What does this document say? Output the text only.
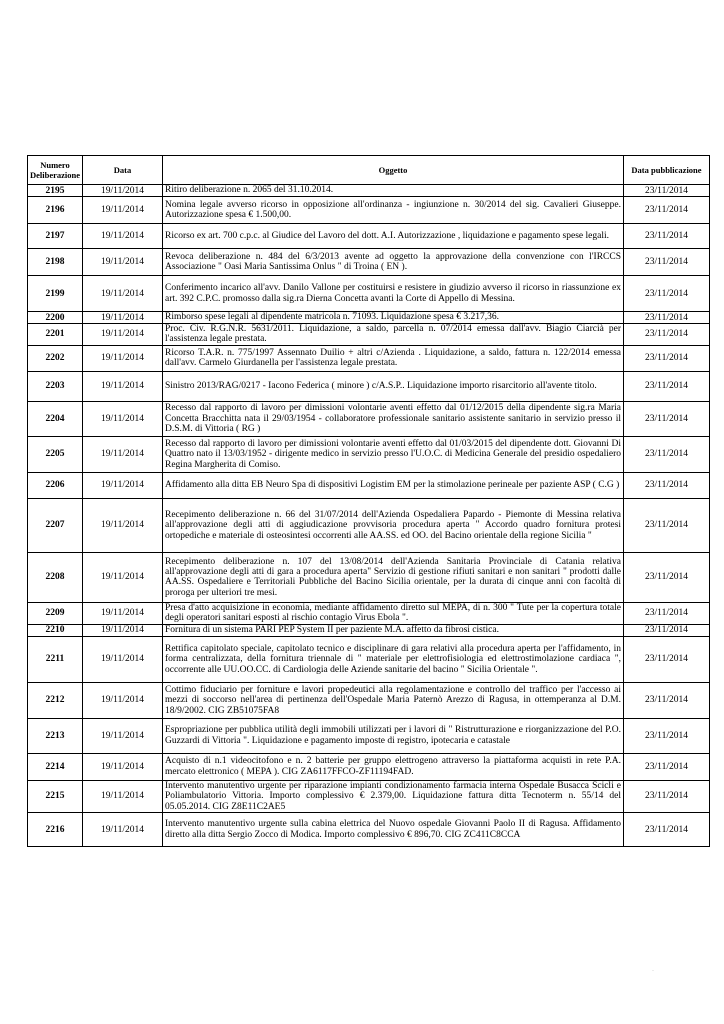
Numero Deliberazione	Data	Oggetto	Data pubblicazione
2195	19/11/2014	Ritiro deliberazione n. 2065 del 31.10.2014.	23/11/2014
2196	19/11/2014	Nomina legale avverso ricorso in opposizione all'ordinanza - ingiunzione n. 30/2014 del sig. Cavalieri Giuseppe. Autorizzazione spesa € 1.500,00.	23/11/2014
2197	19/11/2014	Ricorso ex art. 700 c.p.c. al Giudice del Lavoro del dott. A.I. Autorizzazione , liquidazione e pagamento spese legali.	23/11/2014
2198	19/11/2014	Revoca deliberazione n. 484 del 6/3/2013 avente ad oggetto la approvazione della convenzione con l'IRCCS Associazione " Oasi Maria Santissima Onlus " di Troina ( EN ).	23/11/2014
2199	19/11/2014	Conferimento incarico all'avv. Danilo Vallone per costituirsi e resistere in giudizio avverso il ricorso in riassunzione ex art. 392 C.P.C. promosso dalla sig.ra Dierna Concetta avanti la Corte di Appello di Messina.	23/11/2014
2200	19/11/2014	Rimborso spese legali al dipendente matricola n. 71093. Liquidazione spesa € 3.217,36.	23/11/2014
2201	19/11/2014	Proc. Civ. R.G.N.R. 5631/2011. Liquidazione, a saldo, parcella n. 07/2014 emessa dall'avv. Biagio Ciarcià per l'assistenza legale prestata.	23/11/2014
2202	19/11/2014	Ricorso T.A.R. n. 775/1997 Assennato Duilio + altri c/Azienda . Liquidazione, a saldo, fattura n. 122/2014 emessa dall'avv. Carmelo Giurdanella per l'assistenza legale prestata.	23/11/2014
2203	19/11/2014	Sinistro 2013/RAG/0217 - Iacono Federica ( minore ) c/A.S.P.. Liquidazione importo risarcitorio all'avente titolo.	23/11/2014
2204	19/11/2014	Recesso dal rapporto di lavoro per dimissioni volontarie aventi effetto dal 01/12/2015 della dipendente sig.ra Maria Concetta Bracchitta nata il 29/03/1954 - collaboratore professionale sanitario assistente sanitario in servizio presso il D.S.M. di Vittoria ( RG )	23/11/2014
2205	19/11/2014	Recesso dal rapporto di lavoro per dimissioni volontarie aventi effetto dal 01/03/2015 del dipendente dott. Giovanni Di Quattro nato il 13/03/1952 - dirigente medico in servizio presso l'U.O.C. di Medicina Generale del presidio ospedaliero Regina Margherita di Comiso.	23/11/2014
2206	19/11/2014	Affidamento alla ditta EB Neuro Spa di dispositivi Logistim EM per la stimolazione perineale per paziente ASP ( C.G )	23/11/2014
2207	19/11/2014	Recepimento deliberazione n. 66 del 31/07/2014 dell'Azienda Ospedaliera Papardo - Piemonte di Messina relativa all'approvazione degli atti di aggiudicazione provvisoria procedura aperta " Accordo quadro fornitura protesi ortopediche e materiale di osteosintesi occorrenti alle AA.SS. ed OO. del Bacino orientale della regione Sicilia "	23/11/2014
2208	19/11/2014	Recepimento deliberazione n. 107 del 13/08/2014 dell'Azienda Sanitaria Provinciale di Catania relativa all'approvazione degli atti di gara a procedura aperta" Servizio di gestione rifiuti sanitari e non sanitari " prodotti dalle AA.SS. Ospedaliere e Territoriali Pubbliche del Bacino Sicilia orientale, per la durata di cinque anni con facoltà di proroga per ulteriori tre mesi.	23/11/2014
2209	19/11/2014	Presa d'atto acquisizione in economia, mediante affidamento diretto sul MEPA, di n. 300 " Tute per la copertura totale degli operatori sanitari esposti al rischio contagio Virus Ebola ".	23/11/2014
2210	19/11/2014	Fornitura di un sistema PARI PEP System II per paziente M.A. affetto da fibrosi cistica.	23/11/2014
2211	19/11/2014	Rettifica capitolato speciale, capitolato tecnico e disciplinare di gara relativi alla procedura aperta per l'affidamento, in forma centralizzata, della fornitura triennale di " materiale per elettrofisiologia ed elettrostimolazione cardiaca ", occorrente alle UU.OO.CC. di Cardiologia delle Aziende sanitarie del bacino " Sicilia Orientale ".	23/11/2014
2212	19/11/2014	Cottimo fiduciario per forniture e lavori propedeutici alla regolamentazione e controllo del traffico per l'accesso ai mezzi di soccorso nell'area di pertinenza dell'Ospedale Maria Paternò Arezzo di Ragusa, in ottemperanza al D.M. 18/9/2002. CIG ZB51075FA8	23/11/2014
2213	19/11/2014	Espropriazione per pubblica utilità degli immobili utilizzati per i lavori di " Ristrutturazione e riorganizzazione del P.O. Guzzardi di Vittoria ". Liquidazione e pagamento imposte di registro, ipotecaria e catastale	23/11/2014
2214	19/11/2014	Acquisto di n.1 videocitofono e n. 2 batterie per gruppo elettrogeno attraverso la piattaforma acquisti in rete P.A. mercato elettronico ( MEPA ). CIG ZA6117FFCO-ZF11194FAD.	23/11/2014
2215	19/11/2014	Intervento manutentivo urgente per riparazione impianti condizionamento farmacia interna Ospedale Busacca Scicli e Poliambulatorio Vittoria. Importo complessivo € 2.379,00. Liquidazione fattura ditta Tecnoterm n. 55/14 del 05.05.2014. CIG Z8E11C2AE5	23/11/2014
2216	19/11/2014	Intervento manutentivo urgente sulla cabina elettrica del Nuovo ospedale Giovanni Paolo II di Ragusa. Affidamento diretto alla ditta Sergio Zocco di Modica. Importo complessivo € 896,70. CIG ZC411C8CCA	23/11/2014
·
